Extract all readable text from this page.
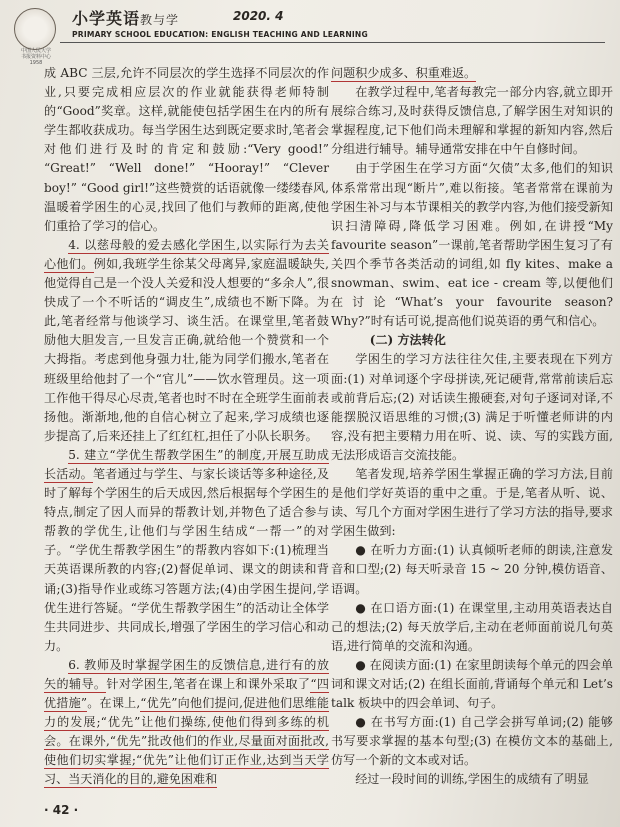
中国人民大学
书报资料中心
1958
小学英语教与学	2020. 4
PRIMARY SCHOOL EDUCATION: ENGLISH TEACHING AND LEARNING

成 ABC 三层,允许不同层次的学生选择不同层次的作业,只要完成相应层次的作业就能获得老师特制的“Good”奖章。这样,就能使包括学困生在内的所有学生都收获成功。每当学困生达到既定要求时,笔者会对他们进行及时的肯定和鼓励:“Very good!” “Great!” “Well done!” “Hooray!” “Clever boy!” “Good girl!”这些赞赏的话语就像一缕缕春风,温暖着学困生的心灵,找回了他们与教师的距离,使他们重拾了学习的信心。

4. 以慈母般的爱去感化学困生,以实际行为去关心他们。例如,我班学生徐某父母离异,家庭温暖缺失,他觉得自己是一个没人关爱和没人想要的“多余人”,很快成了一个不听话的“调皮生”,成绩也不断下降。为此,笔者经常与他谈学习、谈生活。在课堂里,笔者鼓励他大胆发言,一旦发言正确,就给他一个赞赏和一个大拇指。考虑到他身强力壮,能为同学们搬水,笔者在班级里给他封了一个“官儿”——饮水管理员。这一项工作他干得尽心尽责,笔者也时不时在全班学生面前表扬他。渐渐地,他的自信心树立了起来,学习成绩也逐步提高了,后来还挂上了红红杠,担任了小队长职务。

5. 建立“学优生帮教学困生”的制度,开展互助成长活动。笔者通过与学生、与家长谈话等多种途径,及时了解每个学困生的后天成因,然后根据每个学困生的特点,制定了因人而异的帮教计划,并物色了适合参与帮教的学优生,让他们与学困生结成“一帮一”的对子。“学优生帮教学困生”的帮教内容如下:(1)梳理当天英语课所教的内容;(2)督促单词、课文的朗读和背诵;(3)指导作业或练习答题方法;(4)由学困生提问,学优生进行答疑。“学优生帮教学困生”的活动让全体学生共同进步、共同成长,增强了学困生的学习信心和动力。

6. 教师及时掌握学困生的反馈信息,进行有的放矢的辅导。针对学困生,笔者在课上和课外采取了“四优措施”。在课上,“优先”向他们提问,促进他们思维能力的发展;“优先”让他们操练,使他们得到多练的机会。在课外,“优先”批改他们的作业,尽量面对面批改,使他们切实掌握;“优先”让他们订正作业,达到当天学习、当天消化的目的,避免困难和

问题积少成多、积重难返。

在教学过程中,笔者每教完一部分内容,就立即开展综合练习,及时获得反馈信息,了解学困生对知识的掌握程度,记下他们尚未理解和掌握的新知内容,然后分组进行辅导。辅导通常安排在中午自修时间。

由于学困生在学习方面“欠债”太多,他们的知识体系常常出现“断片”,难以衔接。笔者常常在课前为学困生补习与本节课相关的教学内容,为他们接受新知识扫清障碍,降低学习困难。例如,在讲授“My favourite season”一课前,笔者帮助学困生复习了有关四个季节各类活动的词组,如 fly kites、make a snowman、swim、eat ice - cream 等,以便他们在讨论“What’s your favourite season? Why?”时有话可说,提高他们说英语的勇气和信心。

(二) 方法转化

学困生的学习方法往往欠佳,主要表现在下列方面:(1) 对单词逐个字母拼读,死记硬背,常常前读后忘或前背后忘;(2) 对话读生搬硬套,对句子逐词对译,不能摆脱汉语思维的习惯;(3) 满足于听懂老师讲的内容,没有把主要精力用在听、说、读、写的实践方面,无法形成语言交流技能。

笔者发现,培养学困生掌握正确的学习方法,目前是他们学好英语的重中之重。于是,笔者从听、说、读、写几个方面对学困生进行了学习方法的指导,要求学困生做到:

● 在听力方面:(1) 认真倾听老师的朗读,注意发音和口型;(2) 每天听录音 15 ~ 20 分钟,模仿语音、语调。

● 在口语方面:(1) 在课堂里,主动用英语表达自己的想法;(2) 每天放学后,主动在老师面前说几句英语,进行简单的交流和沟通。

● 在阅读方面:(1) 在家里朗读每个单元的四会单词和课文对话;(2) 在组长面前,背诵每个单元和 Let’s talk 板块中的四会单词、句子。

● 在书写方面:(1) 自己学会拼写单词;(2) 能够书写要求掌握的基本句型;(3) 在模仿文本的基础上,仿写一个新的文本或对话。

经过一段时间的训练,学困生的成绩有了明显

· 42 ·
